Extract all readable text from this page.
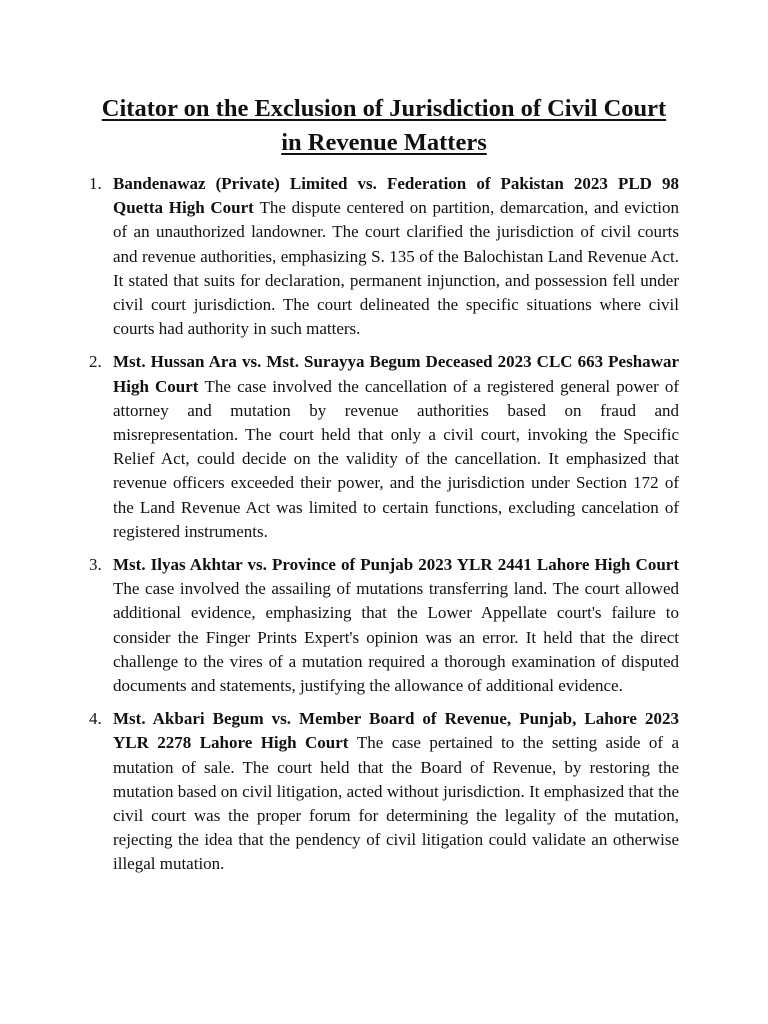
Citator on the Exclusion of Jurisdiction of Civil Court in Revenue Matters
1. Bandenawaz (Private) Limited vs. Federation of Pakistan 2023 PLD 98 Quetta High Court The dispute centered on partition, demarcation, and eviction of an unauthorized landowner. The court clarified the jurisdiction of civil courts and revenue authorities, emphasizing S. 135 of the Balochistan Land Revenue Act. It stated that suits for declaration, permanent injunction, and possession fell under civil court jurisdiction. The court delineated the specific situations where civil courts had authority in such matters.
2. Mst. Hussan Ara vs. Mst. Surayya Begum Deceased 2023 CLC 663 Peshawar High Court The case involved the cancellation of a registered general power of attorney and mutation by revenue authorities based on fraud and misrepresentation. The court held that only a civil court, invoking the Specific Relief Act, could decide on the validity of the cancellation. It emphasized that revenue officers exceeded their power, and the jurisdiction under Section 172 of the Land Revenue Act was limited to certain functions, excluding cancelation of registered instruments.
3. Mst. Ilyas Akhtar vs. Province of Punjab 2023 YLR 2441 Lahore High Court The case involved the assailing of mutations transferring land. The court allowed additional evidence, emphasizing that the Lower Appellate court's failure to consider the Finger Prints Expert's opinion was an error. It held that the direct challenge to the vires of a mutation required a thorough examination of disputed documents and statements, justifying the allowance of additional evidence.
4. Mst. Akbari Begum vs. Member Board of Revenue, Punjab, Lahore 2023 YLR 2278 Lahore High Court The case pertained to the setting aside of a mutation of sale. The court held that the Board of Revenue, by restoring the mutation based on civil litigation, acted without jurisdiction. It emphasized that the civil court was the proper forum for determining the legality of the mutation, rejecting the idea that the pendency of civil litigation could validate an otherwise illegal mutation.
